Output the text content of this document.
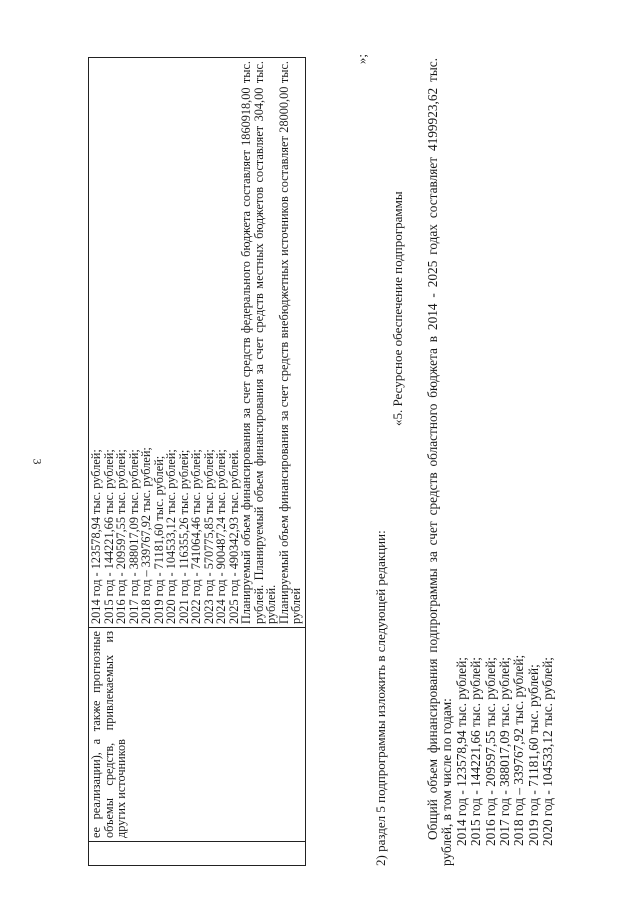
3

ее реализации), а также прогнозные объемы средств, привлекаемых из других источников

2014 год - 123578,94 тыс. рублей;
2015 год - 144221,66 тыс. рублей;
2016 год - 209597,55 тыс. рублей;
2017 год - 388017,09 тыс. рублей;
2018 год – 339767,92 тыс. рублей;
2019 год - 71181,60 тыс. рублей;
2020 год - 104533,12 тыс. рублей;
2021 год - 116355,26 тыс. рублей;
2022 год - 741064,46 тыс. рублей;
2023 год - 570775,85 тыс. рублей;
2024 год - 900487,24 тыс. рублей;
2025 год - 490342,93 тыс. рублей.
Планируемый объем финансирования за счет средств федерального бюджета составляет 1860918,00 тыс. рублей. Планируемый объем финансирования за счет средств местных бюджетов составляет 304,00 тыс. рублей.
Планируемый объем финансирования за счет средств внебюджетных источников составляет 28000,00 тыс. рублей
»;
2) раздел 5 подпрограммы изложить в следующей редакции:
«5. Ресурсное обеспечение подпрограммы Общий объем финансирования подпрограммы за счет средств областного бюджета в 2014 - 2025 годах составляет 4199923,62 тыс. рублей, в том числе по годам: 2014 год - 123578,94 тыс. рублей; 2015 год - 144221,66 тыс. рублей; 2016 год - 209597,55 тыс. рублей; 2017 год - 388017,09 тыс. рублей; 2018 год – 339767,92 тыс. рублей; 2019 год - 71181,60 тыс. рублей; 2020 год - 104533,12 тыс. рублей;
